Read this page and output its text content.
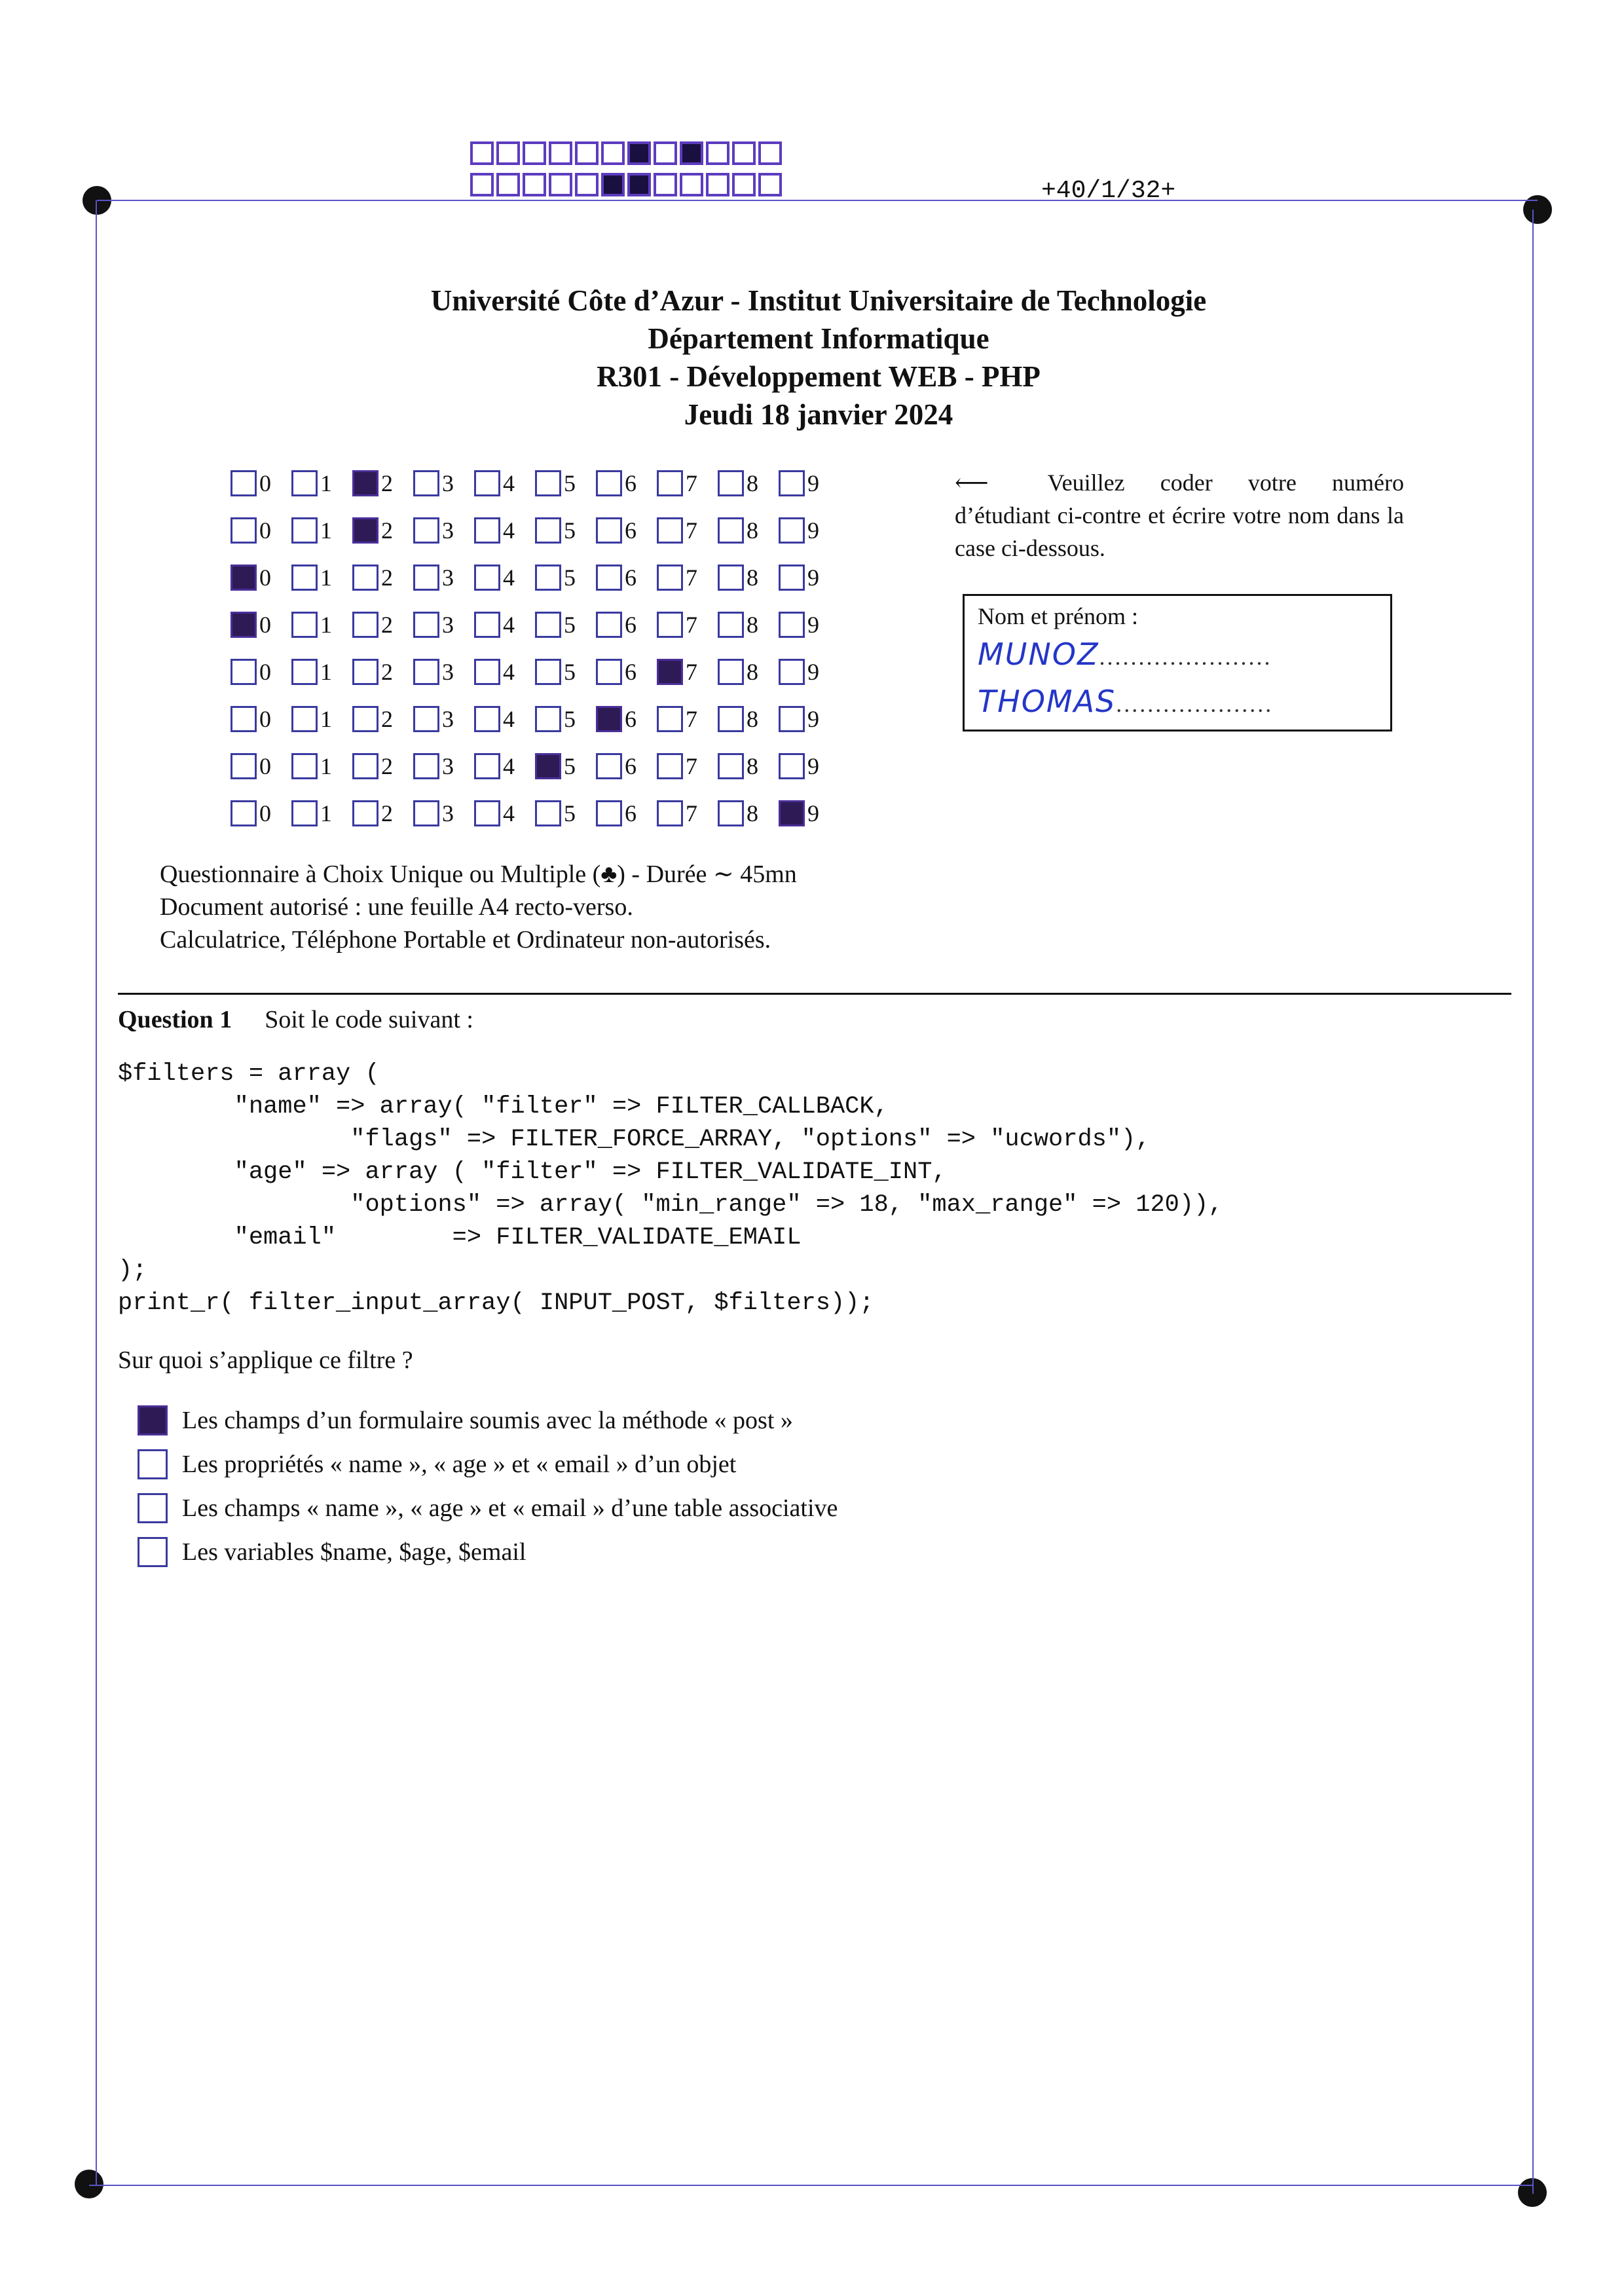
+40/1/32+
Université Côte d’Azur - Institut Universitaire de Technologie
Département Informatique
R301 - Développement WEB - PHP
Jeudi 18 janvier 2024
0 1 2 3 4 5 6 7 8 9
0 1 2 3 4 5 6 7 8 9
0 1 2 3 4 5 6 7 8 9
0 1 2 3 4 5 6 7 8 9
0 1 2 3 4 5 6 7 8 9
0 1 2 3 4 5 6 7 8 9
0 1 2 3 4 5 6 7 8 9
0 1 2 3 4 5 6 7 8 9
⟵	Veuillez coder votre numéro d’étudiant ci-contre et écrire votre nom dans la case ci-dessous.
Nom et prénom :
MUNOZ......................
THOMAS....................
Questionnaire à Choix Unique ou Multiple (♣) - Durée ∼ 45mn
Document autorisé : une feuille A4 recto-verso.
Calculatrice, Téléphone Portable et Ordinateur non-autorisés.
Question 1 Soit le code suivant :
$filters = array (
"name" => array( "filter" => FILTER_CALLBACK,
"flags" => FILTER_FORCE_ARRAY, "options" => "ucwords"),
"age" => array ( "filter" => FILTER_VALIDATE_INT,
"options" => array( "min_range" => 18, "max_range" => 120)),
"email"        => FILTER_VALIDATE_EMAIL
);
print_r( filter_input_array( INPUT_POST, $filters));
Sur quoi s’applique ce filtre ?
Les champs d’un formulaire soumis avec la méthode « post »
Les propriétés « name », « age » et « email » d’un objet
Les champs « name », « age » et « email » d’une table associative
Les variables $name, $age, $email
